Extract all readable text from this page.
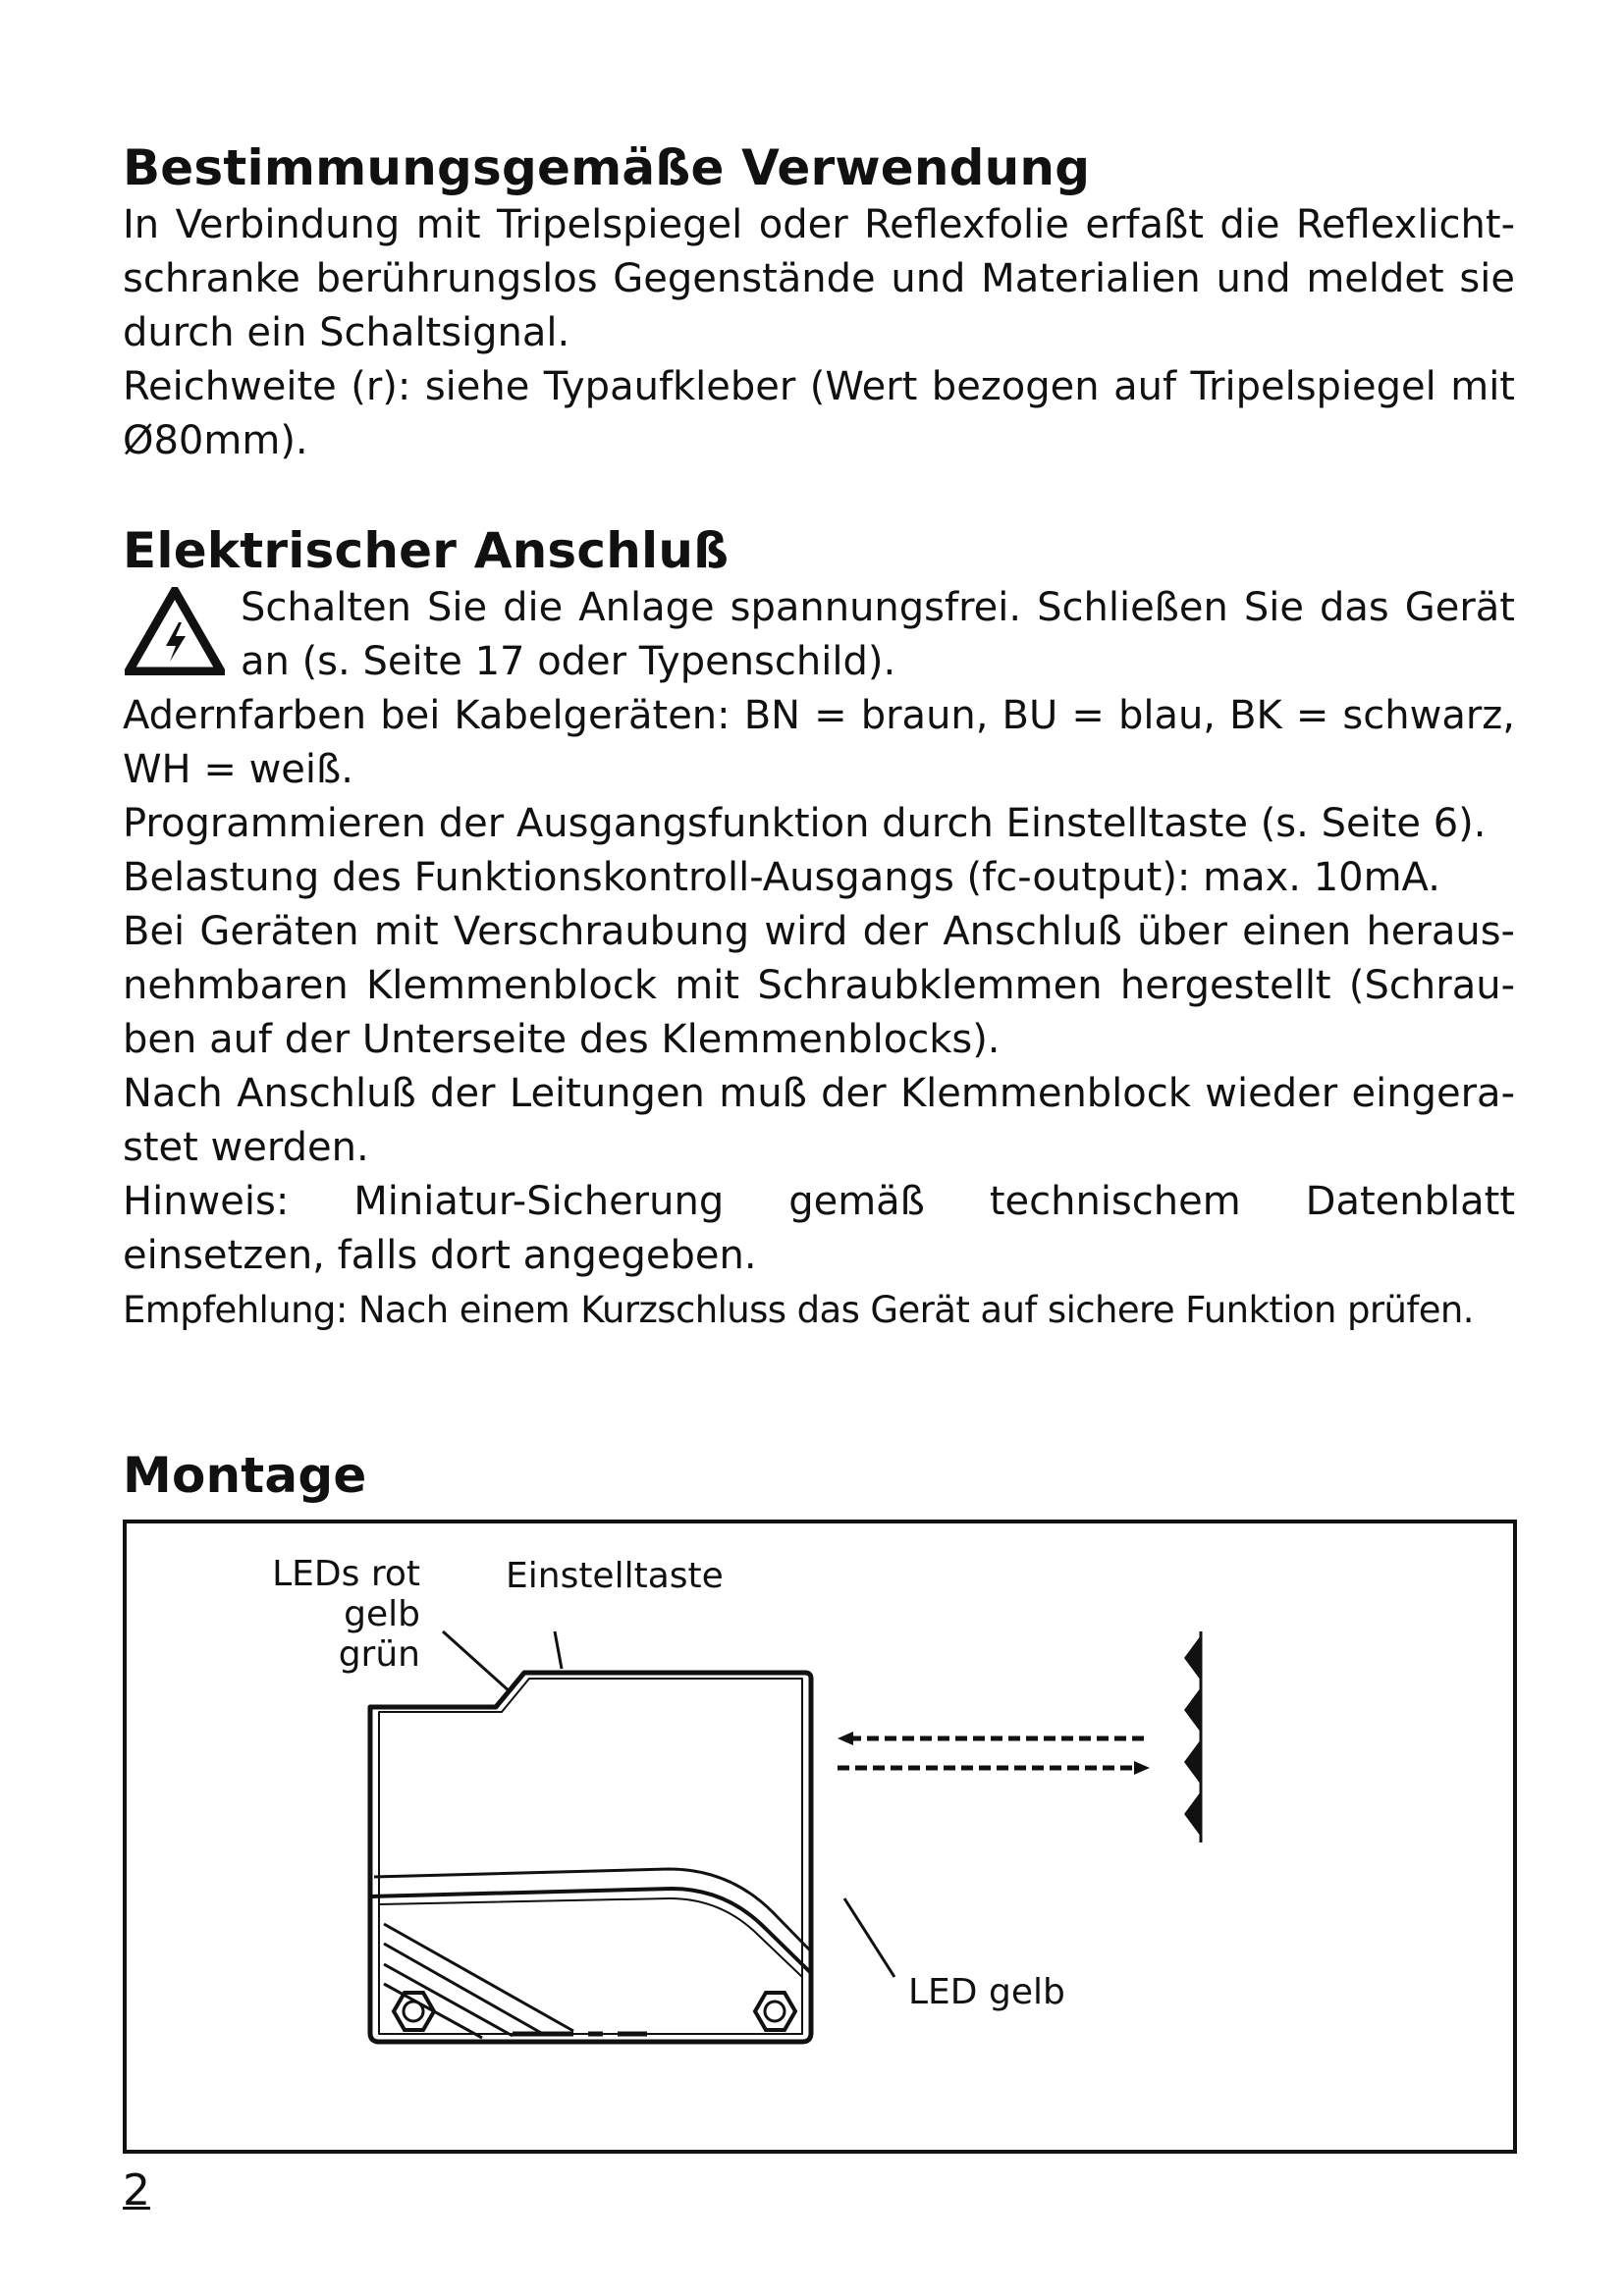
Bestimmungsgemäße Verwendung

In Verbindung mit Tripelspiegel oder Reflexfolie erfaßt die Reflexlicht-schranke berührungslos Gegenstände und Materialien und meldet sie durch ein Schaltsignal.

Reichweite (r): siehe Typaufkleber (Wert bezogen auf Tripelspiegel mit Ø80mm).

Elektrischer Anschluß

Schalten Sie die Anlage spannungsfrei. Schließen Sie das Gerät an (s. Seite 17 oder Typenschild).

Adernfarben bei Kabelgeräten: BN = braun, BU = blau, BK = schwarz, WH = weiß.

Programmieren der Ausgangsfunktion durch Einstelltaste (s. Seite 6).

Belastung des Funktionskontroll-Ausgangs (fc-output): max. 10mA.

Bei Geräten mit Verschraubung wird der Anschluß über einen heraus-nehmbaren Klemmenblock mit Schraubklemmen hergestellt (Schrau-ben auf der Unterseite des Klemmenblocks).

Nach Anschluß der Leitungen muß der Klemmenblock wieder eingera-stet werden.

Hinweis: Miniatur-Sicherung gemäß technischem Datenblatt einsetzen, falls dort angegeben.

Empfehlung: Nach einem Kurzschluss das Gerät auf sichere Funktion prüfen.

Montage
LEDs rot
gelb
grün
Einstelltaste
LED gelb
2
